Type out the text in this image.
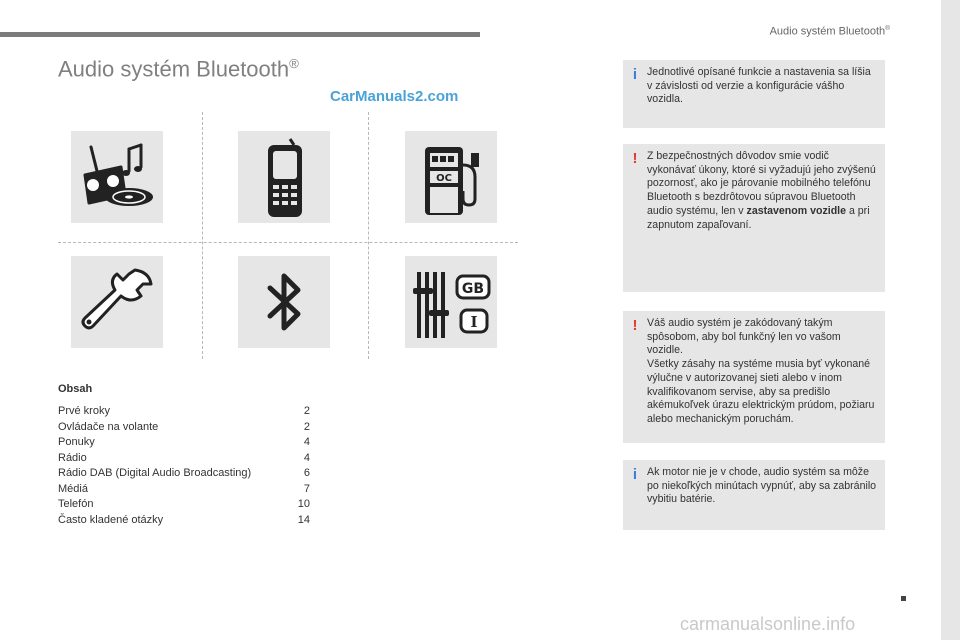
Audio systém Bluetooth®
Audio systém Bluetooth®
CarManuals2.com
OC
GB
I
Obsah
Prvé kroky	2
Ovládače na volante	2
Ponuky	4
Rádio	4
Rádio DAB (Digital Audio Broadcasting)	6
Médiá	7
Telefón	10
Často kladené otázky	14
i Jednotlivé opísané funkcie a nastavenia sa líšia v závislosti od verzie a konfigurácie vášho vozidla.
! Z bezpečnostných dôvodov smie vodič vykonávať úkony, ktoré si vyžadujú jeho zvýšenú pozornosť, ako je párovanie mobilného telefónu Bluetooth s bezdrôtovou súpravou Bluetooth audio systému, len v zastavenom vozidle a pri zapnutom zapaľovaní.
! Váš audio systém je zakódovaný takým spôsobom, aby bol funkčný len vo vašom vozidle.
Všetky zásahy na systéme musia byť vykonané výlučne v autorizovanej sieti alebo v inom kvalifikovanom servise, aby sa predišlo akémukoľvek úrazu elektrickým prúdom, požiaru alebo mechanickým poruchám.
i Ak motor nie je v chode, audio systém sa môže po niekoľkých minútach vypnúť, aby sa zabránilo vybitiu batérie.
carmanualsonline.info
